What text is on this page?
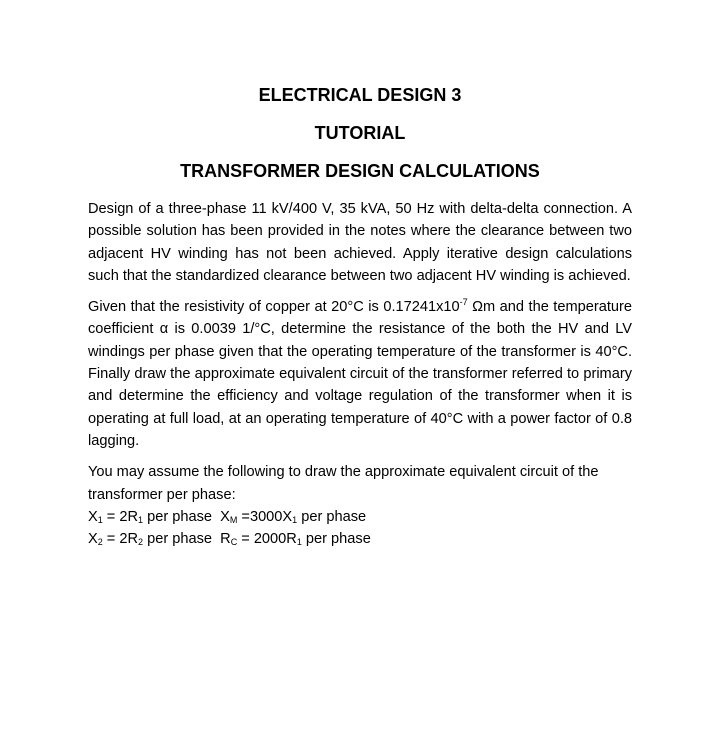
ELECTRICAL DESIGN 3
TUTORIAL
TRANSFORMER DESIGN CALCULATIONS

Design of a three-phase 11 kV/400 V, 35 kVA, 50 Hz with delta-delta connection. A possible solution has been provided in the notes where the clearance between two adjacent HV winding has not been achieved. Apply iterative design calculations such that the standardized clearance between two adjacent HV winding is achieved.

Given that the resistivity of copper at 20°C is $0.17241x10^{-7}$ Ωm and the temperature coefficient α is 0.0039 1/°C, determine the resistance of the both the HV and LV windings per phase given that the operating temperature of the transformer is 40°C. Finally draw the approximate equivalent circuit of the transformer referred to primary and determine the efficiency and voltage regulation of the transformer when it is operating at full load, at an operating temperature of 40°C with a power factor of 0.8 lagging.

You may assume the following to draw the approximate equivalent circuit of the transformer per phase:
$X_1 = 2R_1$ per phase  $X_M =3000X_1$ per phase
$X_2 = 2R_2$ per phase  $R_C = 2000R_1$ per phase
